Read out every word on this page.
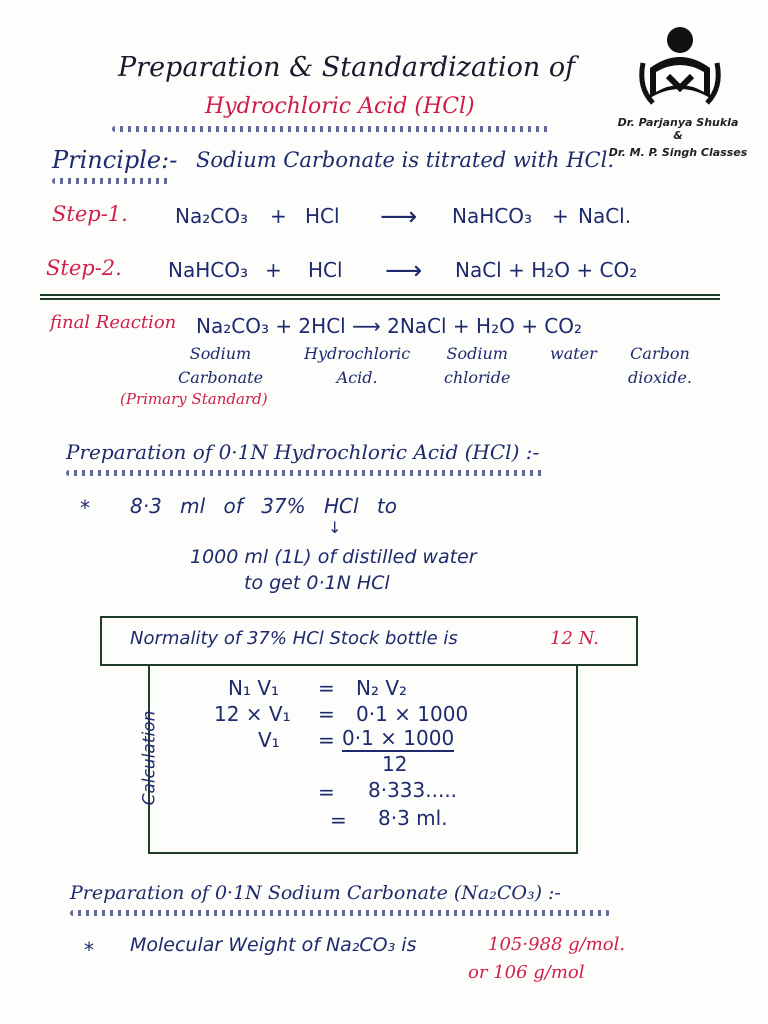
Preparation & Standardization of
Hydrochloric Acid (HCl)
Dr. Parjanya Shukla
&
Dr. M. P. Singh Classes
Principle:- Sodium Carbonate is titrated with HCl.
Step-1. Na₂CO₃ + HCl ⟶ NaHCO₃ + NaCl.
Step-2. NaHCO₃ + HCl ⟶ NaCl + H₂O + CO₂
final Reaction Na₂CO₃ + 2HCl ⟶ 2NaCl + H₂O + CO₂
Sodium
Carbonate
Hydrochloric
Acid.
Sodium
chloride
water Carbon
dioxide.
(Primary Standard)
Preparation of 0·1N Hydrochloric Acid (HCl) :-
* 8·3 ml of 37% HCl to
↓
1000 ml (1L) of distilled water
to get 0·1N HCl
Normality of 37% HCl Stock bottle is	12 N.
Calculation
N₁ V₁ = N₂ V₂
12 × V₁ = 0·1 × 1000
V₁ = 0·1 × 1000
12
= 8·333.....
= 8·3 ml.
Preparation of 0·1N Sodium Carbonate (Na₂CO₃) :-
* Molecular Weight of Na₂CO₃ is	105·988 g/mol.
or 106 g/mol
